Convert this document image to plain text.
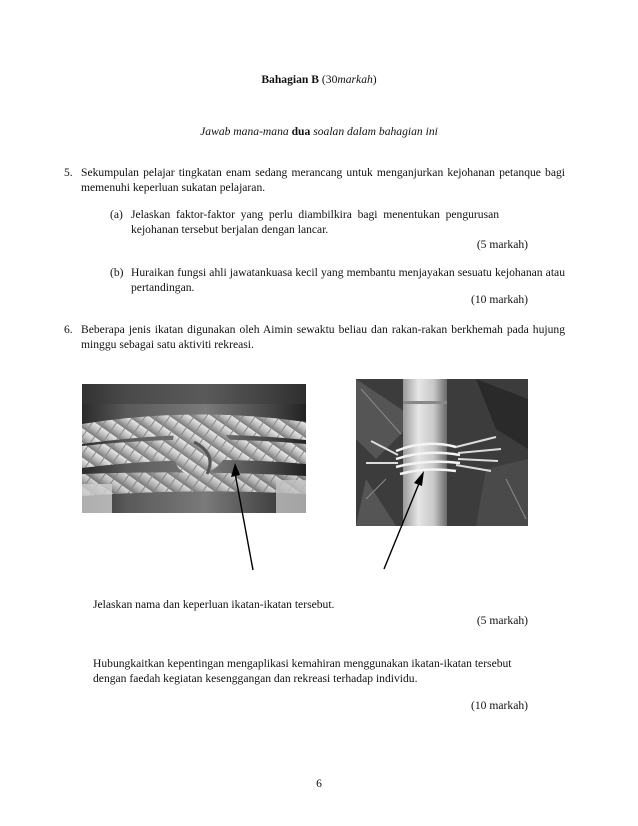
Bahagian B (30markah)
Jawab mana-mana dua soalan dalam bahagian ini
5. Sekumpulan pelajar tingkatan enam sedang merancang untuk menganjurkan kejohanan petanque bagi memenuhi keperluan sukatan pelajaran.
(a) Jelaskan faktor-faktor yang perlu diambilkira bagi menentukan pengurusan
kejohanan tersebut berjalan dengan lancar.
(5 markah)
(b) Huraikan fungsi ahli jawatankuasa kecil yang membantu menjayakan sesuatu kejohanan atau pertandingan.
(10 markah)
6. Beberapa jenis ikatan digunakan oleh Aimin sewaktu beliau dan rakan-rakan berkhemah pada hujung minggu sebagai satu aktiviti rekreasi.
Jelaskan nama dan keperluan ikatan-ikatan tersebut.
(5 markah)
Hubungkaitkan kepentingan mengaplikasi kemahiran menggunakan ikatan-ikatan tersebut
dengan faedah kegiatan kesenggangan dan rekreasi terhadap individu.
(10 markah)
6
